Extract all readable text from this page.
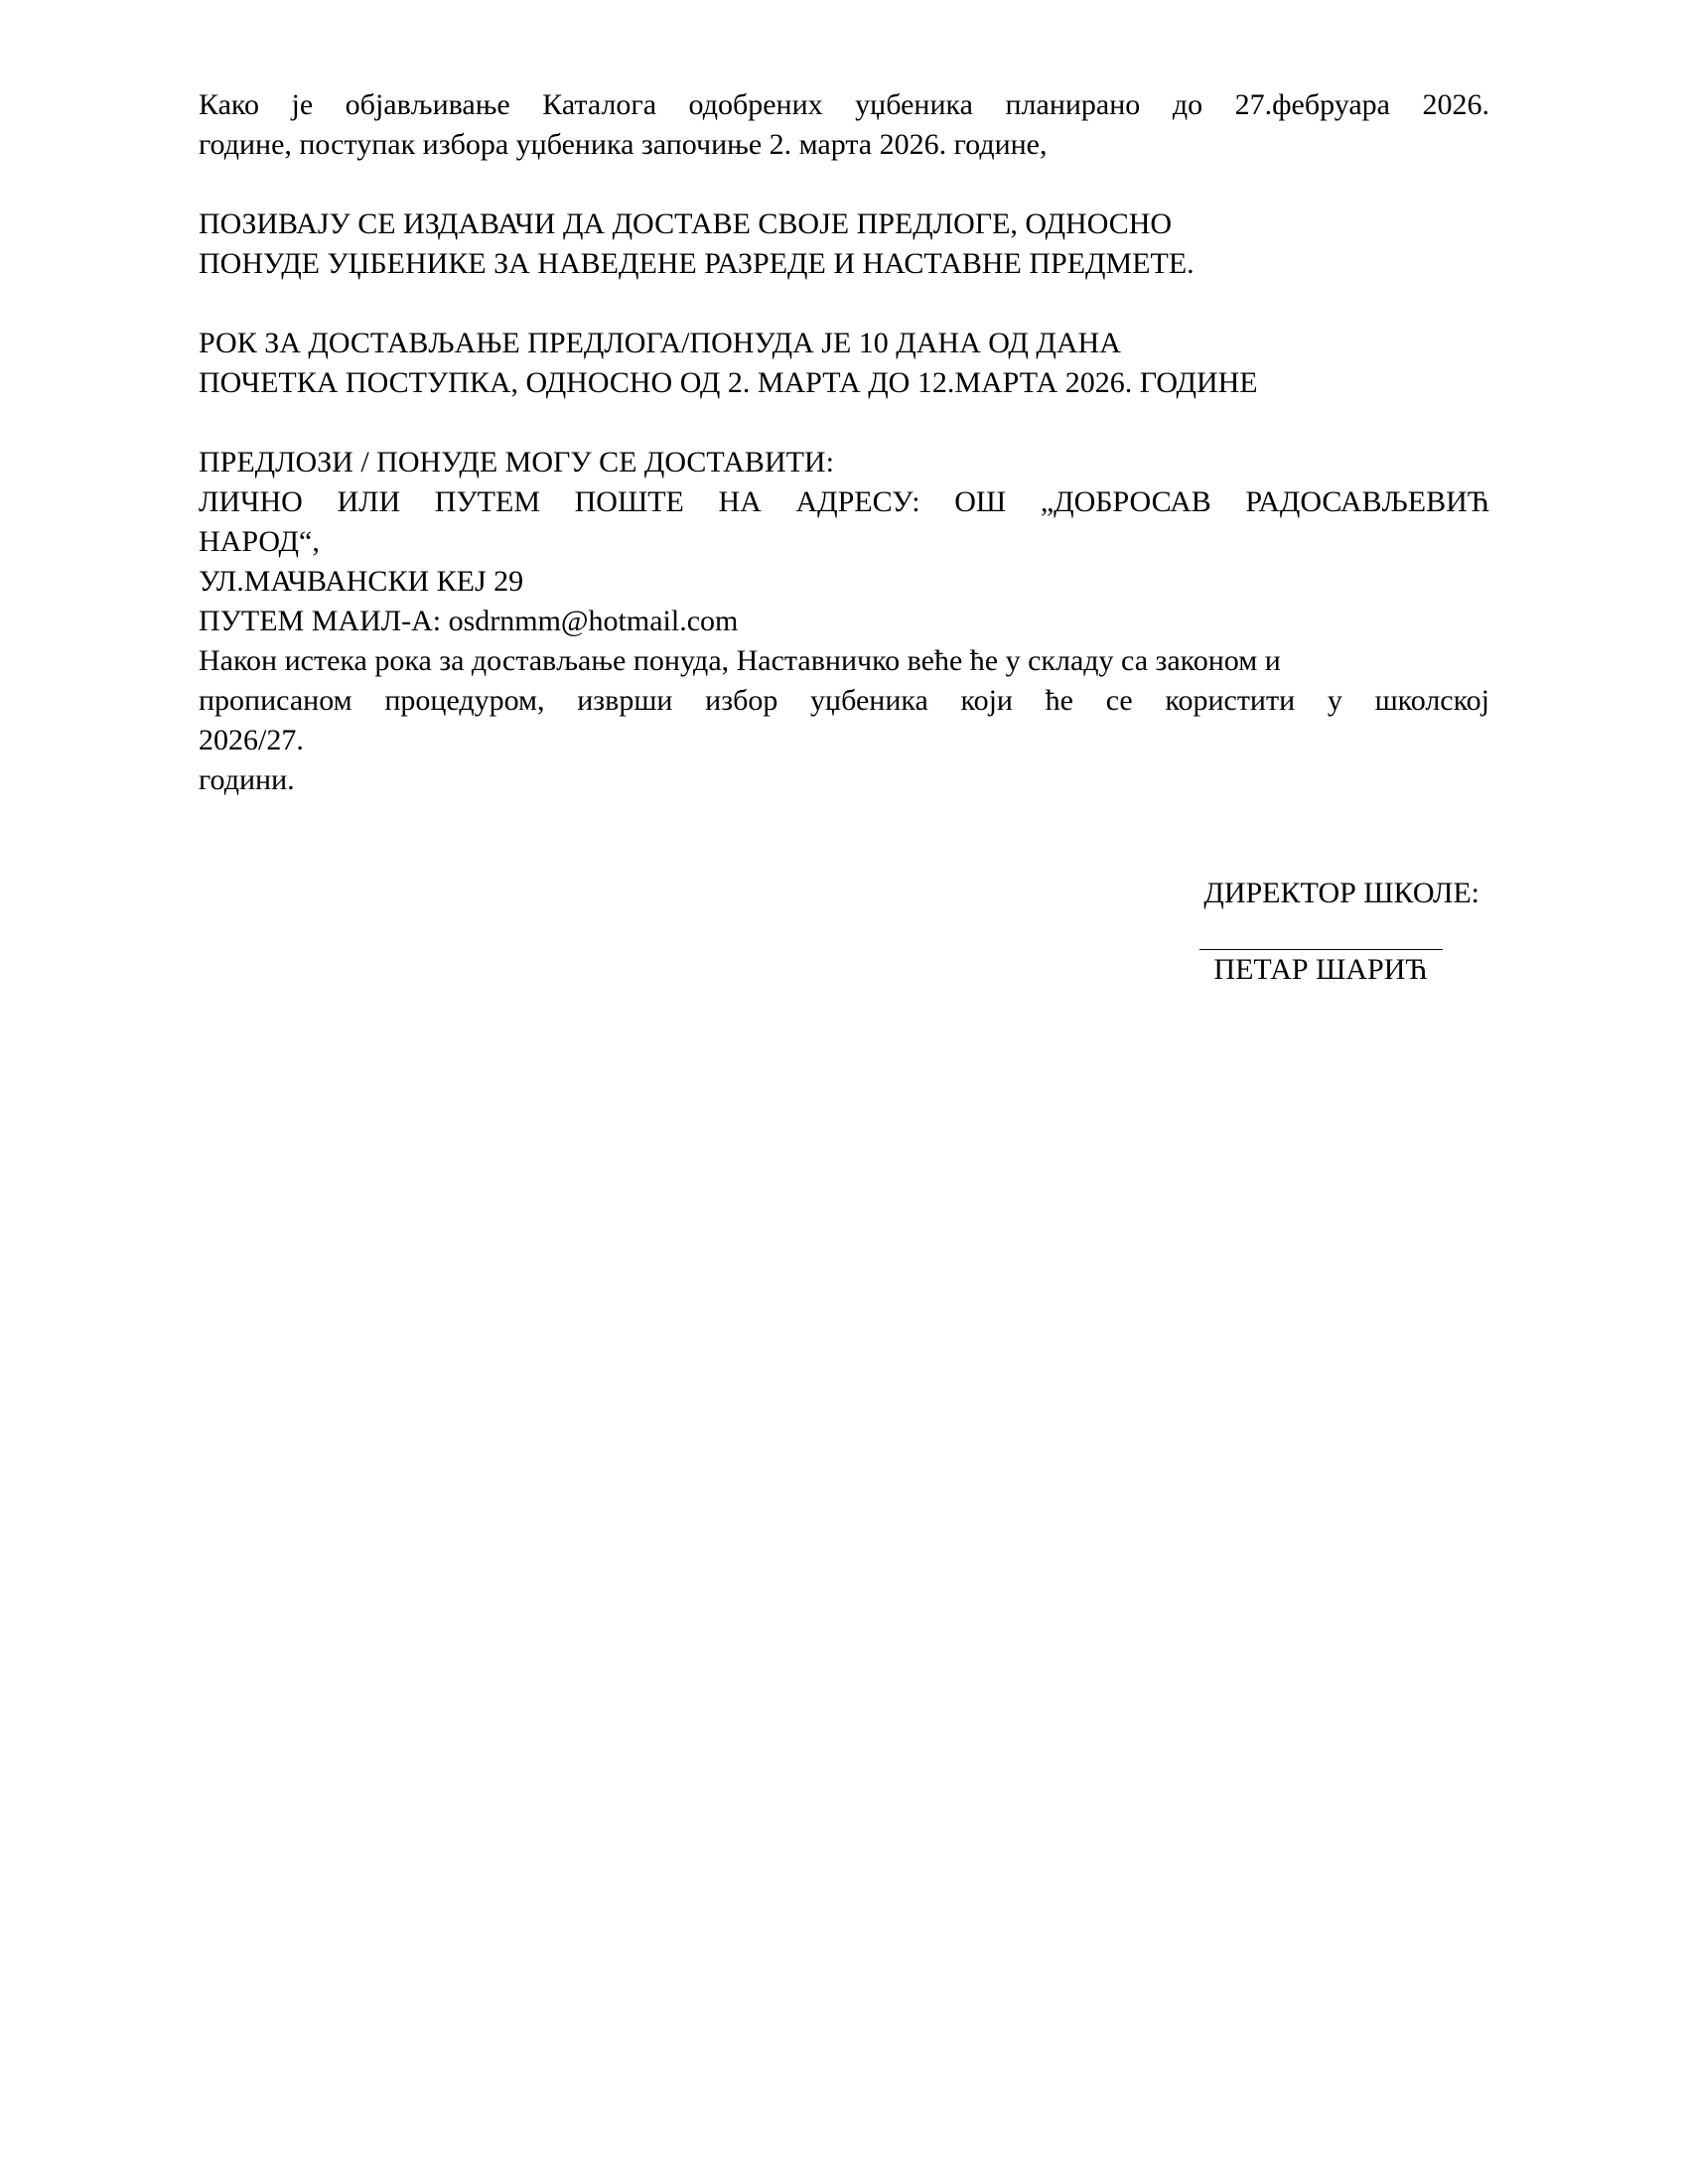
Како је објављивање Каталога одобрених уџбеника планирано до 27.фебруара 2026.
године, поступак избора уџбеника започиње 2. марта 2026. године,
ПОЗИВАЈУ СЕ ИЗДАВАЧИ ДА ДОСТАВЕ СВОЈЕ ПРЕДЛОГЕ, ОДНОСНО
ПОНУДЕ УЏБЕНИКЕ ЗА НАВЕДЕНЕ РАЗРЕДЕ И НАСТАВНЕ ПРЕДМЕТЕ.
РОК ЗА ДОСТАВЉАЊЕ ПРЕДЛОГА/ПОНУДА ЈЕ 10 ДАНА ОД ДАНА
ПОЧЕТКА ПОСТУПКА, ОДНОСНО ОД 2. МАРТА ДО 12.МАРТА 2026. ГОДИНЕ
ПРЕДЛОЗИ / ПОНУДЕ МОГУ СЕ ДОСТАВИТИ:
ЛИЧНО ИЛИ ПУТЕМ ПОШТЕ НА АДРЕСУ: ОШ „ДОБРОСАВ РАДОСАВЉЕВИЋ
НАРОД“,
УЛ.МАЧВАНСКИ КЕЈ 29
ПУТЕМ МАИЛ-А: osdrnmm@hotmail.com
Након истека рока за достављање понуда, Наставничко веће ће у складу са законом и
прописаном процедуром, изврши избор уџбеника који ће се користити у школској
2026/27.
години.
ДИРЕКТОР ШКОЛЕ:
ПЕТАР ШАРИЋ
